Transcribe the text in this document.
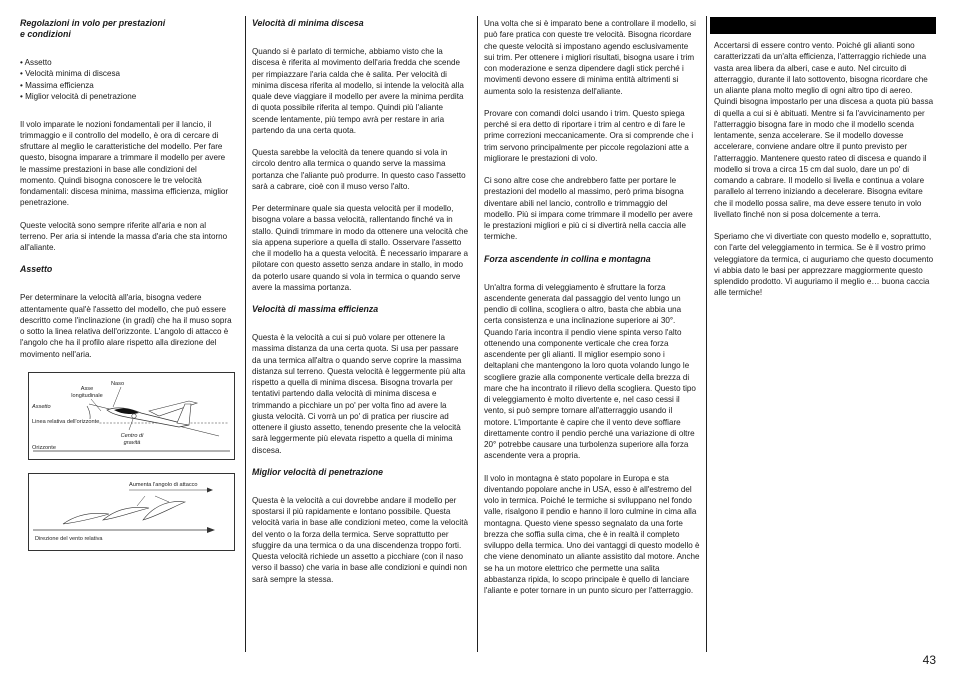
Regolazioni in volo per prestazioni
e condizioni
• Assetto
• Velocità minima di discesa
• Massima efficienza
• Miglior velocità di penetrazione

Il volo imparate le nozioni fondamentali per il lancio, il trimmaggio e il controllo del modello, è ora di cercare di sfruttare al meglio le caratteristiche del modello. Per fare questo, bisogna imparare a trimmare il modello per avere le massime prestazioni in base alle condizioni del momento. Quindi bisogna conoscere le tre velocità fondamentali: discesa minima, massima efficienza, miglior penetrazione.

Queste velocità sono sempre riferite all'aria e non al terreno. Per aria si intende la massa d'aria che sta intorno all'aliante.

Assetto

Per determinare la velocità all'aria, bisogna vedere attentamente qual'è l'assetto del modello, che può essere descritto come l'inclinazione (in gradi) che ha il muso sopra o sotto la linea relativa dell'orizzonte. L'angolo di attacco è l'angolo che ha il profilo alare rispetto alla direzione del movimento nell'aria.

Naso
Asse longitudinale
Assetto
Linea relativa dell'orizzonte
Centro di gravità
Orizzonte
Aumenta l'angolo di attacco
Direzione del vento relativa
Velocità di minima discesa

Quando si è parlato di termiche, abbiamo visto che la discesa è riferita al movimento dell'aria fredda che scende per rimpiazzare l'aria calda che è salita. Per velocità di minima discesa riferita al modello, si intende la velocità alla quale deve viaggiare il modello per avere la minima perdita di quota possibile riferita al tempo. Quindi più l'aliante scende lentamente, più tempo avrà per restare in aria partendo da una certa quota.

Questa sarebbe la velocità da tenere quando si vola in circolo dentro alla termica o quando serve la massima portanza che l'aliante può produrre. In questo caso l'assetto sarà a cabrare, cioè con il muso verso l'alto.

Per determinare quale sia questa velocità per il modello, bisogna volare a bassa velocità, rallentando finché va in stallo. Quindi trimmare in modo da ottenere una velocità che sia appena superiore a quella di stallo. Osservare l'assetto che il modello ha a questa velocità. È necessario imparare a pilotare con questo assetto senza andare in stallo, in modo da poterlo usare quando si vola in termica o quando serve avere la massima portanza.

Velocità di massima efficienza

Questa è la velocità a cui si può volare per ottenere la massima distanza da una certa quota. Si usa per passare da una termica all'altra o quando serve coprire la massima distanza sul terreno. Questa velocità è leggermente più alta rispetto a quella di minima discesa. Bisogna trovarla per tentativi partendo dalla velocità di minima discesa e trimmando a picchiare un po' per volta fino ad avere la giusta velocità. Ci vorrà un po' di pratica per riuscire ad ottenere il giusto assetto, tenendo presente che la velocità sarà leggermente più elevata rispetto a quella di minima discesa.

Miglior velocità di penetrazione

Questa è la velocità a cui dovrebbe andare il modello per spostarsi il più rapidamente e lontano possibile. Questa velocità varia in base alle condizioni meteo, come la velocità del vento o la forza della termica. Serve soprattutto per sfuggire da una termica o da una discendenza troppo forti. Questa velocità richiede un assetto a picchiare (con il naso verso il basso) che varia in base alle condizioni e quindi non sarà sempre la stessa.

Una volta che si è imparato bene a controllare il modello, si può fare pratica con queste tre velocità. Bisogna ricordare che queste velocità si impostano agendo esclusivamente sui trim. Per ottenere i migliori risultati, bisogna usare i trim con moderazione e senza dipendere dagli stick perché i movimenti devono essere di minima entità altrimenti si aumenta solo la resistenza dell'aliante.

Provare con comandi dolci usando i trim. Questo spiega perché si era detto di riportare i trim al centro e di fare le prime correzioni meccanicamente. Ora si comprende che i trim servono principalmente per piccole regolazioni atte a migliorare le prestazioni di volo.

Ci sono altre cose che andrebbero fatte per portare le prestazioni del modello al massimo, però prima bisogna diventare abili nel lancio, controllo e trimmaggio del modello. Più si impara come trimmare il modello per avere le prestazioni migliori e più ci si divertirà nella caccia alle termiche.

Forza ascendente in collina e montagna

Un'altra forma di veleggiamento è sfruttare la forza ascendente generata dal passaggio del vento lungo un pendio di collina, scogliera o altro, basta che abbia una certa consistenza e una inclinazione superiore ai 30°. Quando l'aria incontra il pendio viene spinta verso l'alto ottenendo una componente verticale che crea forza ascendente per gli alianti. Il miglior esempio sono i deltaplani che mantengono la loro quota volando lungo le scogliere grazie alla componente verticale della brezza di mare che ha incontrato il rilievo della scogliera. Questo tipo di veleggiamento è molto divertente e, nel caso cessi il vento, si può sempre tornare all'atterraggio usando il motore. L'importante è capire che il vento deve soffiare direttamente contro il pendio perché una variazione di oltre 20° potrebbe causare una turbolenza superiore alla forza ascendente vera a propria.

Il volo in montagna è stato popolare in Europa e sta diventando popolare anche in USA, esso è all'estremo del volo in termica. Poiché le termiche si sviluppano nel fondo valle, risalgono il pendio e hanno il loro culmine in cima alla montagna. Questo viene spesso segnalato da una forte brezza che soffia sulla cima, che è in realtà il completo sviluppo della termica. Uno dei vantaggi di questo modello è che viene denominato un aliante assistito dal motore. Anche se ha un motore elettrico che permette una salita abbastanza ripida, lo scopo principale è quello di lanciare l'aliante e poter tornare in un punto sicuro per l'atterraggio.

Accertarsi di essere contro vento. Poiché gli alianti sono caratterizzati da un'alta efficienza, l'atterraggio richiede una vasta area libera da alberi, case e auto. Nel circuito di atterraggio, durante il lato sottovento, bisogna ricordare che un aliante plana molto meglio di ogni altro tipo di aereo. Quindi bisogna impostarlo per una discesa a quota più bassa di quella a cui si è abituati. Mentre si fa l'avvicinamento per l'atterraggio bisogna fare in modo che il modello scenda lentamente, senza accelerare. Se il modello dovesse accelerare, conviene andare oltre il punto previsto per l'atterraggio. Mantenere questo rateo di discesa e quando il modello si trova a circa 15 cm dal suolo, dare un po' di comando a cabrare. Il modello si livella e continua a volare parallelo al terreno iniziando a decelerare. Bisogna evitare che il modello possa salire, ma deve essere tenuto in volo livellato finché non si posa dolcemente a terra.

Speriamo che vi divertiate con questo modello e, soprattutto, con l'arte del veleggiamento in termica. Se è il vostro primo veleggiatore da termica, ci auguriamo che questo documento vi abbia dato le basi per apprezzare maggiormente questo splendido prodotto. Vi auguriamo il meglio e… buona caccia alle termiche!

43
